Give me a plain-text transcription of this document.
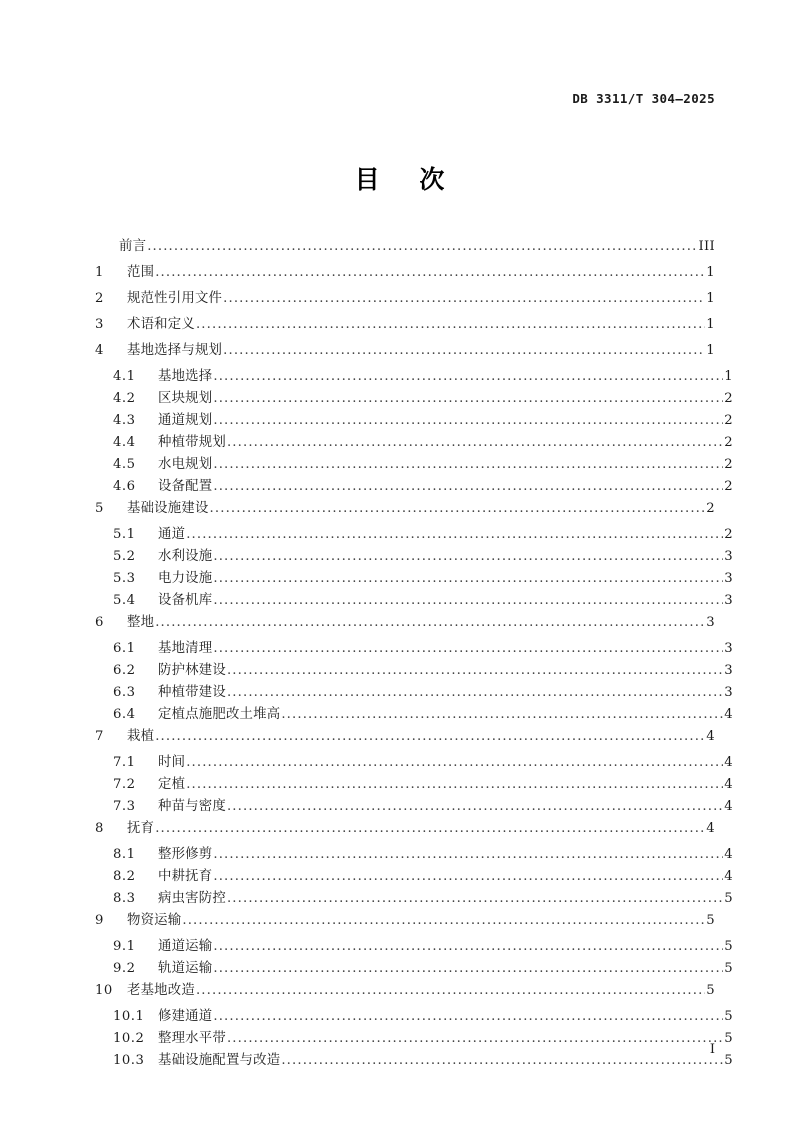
DB 3311/T 304—2025
目    次
前言 .....	III
1	范围 .....	1
2	规范性引用文件 .....	1
3	术语和定义 .....	1
4	基地选择与规划 .....	1
4.1	基地选择 .....	1
4.2	区块规划 .....	2
4.3	通道规划 .....	2
4.4	种植带规划 .....	2
4.5	水电规划 .....	2
4.6	设备配置 .....	2
5	基础设施建设 .....	2
5.1	通道 .....	2
5.2	水利设施 .....	3
5.3	电力设施 .....	3
5.4	设备机库 .....	3
6	整地 .....	3
6.1	基地清理 .....	3
6.2	防护林建设 .....	3
6.3	种植带建设 .....	3
6.4	定植点施肥改土堆高 .....	4
7	栽植 .....	4
7.1	时间 .....	4
7.2	定植 .....	4
7.3	种苗与密度 .....	4
8	抚育 .....	4
8.1	整形修剪 .....	4
8.2	中耕抚育 .....	4
8.3	病虫害防控 .....	5
9	物资运输 .....	5
9.1	通道运输 .....	5
9.2	轨道运输 .....	5
10	老基地改造 .....	5
10.1	修建通道 .....	5
10.2	整理水平带 .....	5
10.3	基础设施配置与改造 .....	5
I
